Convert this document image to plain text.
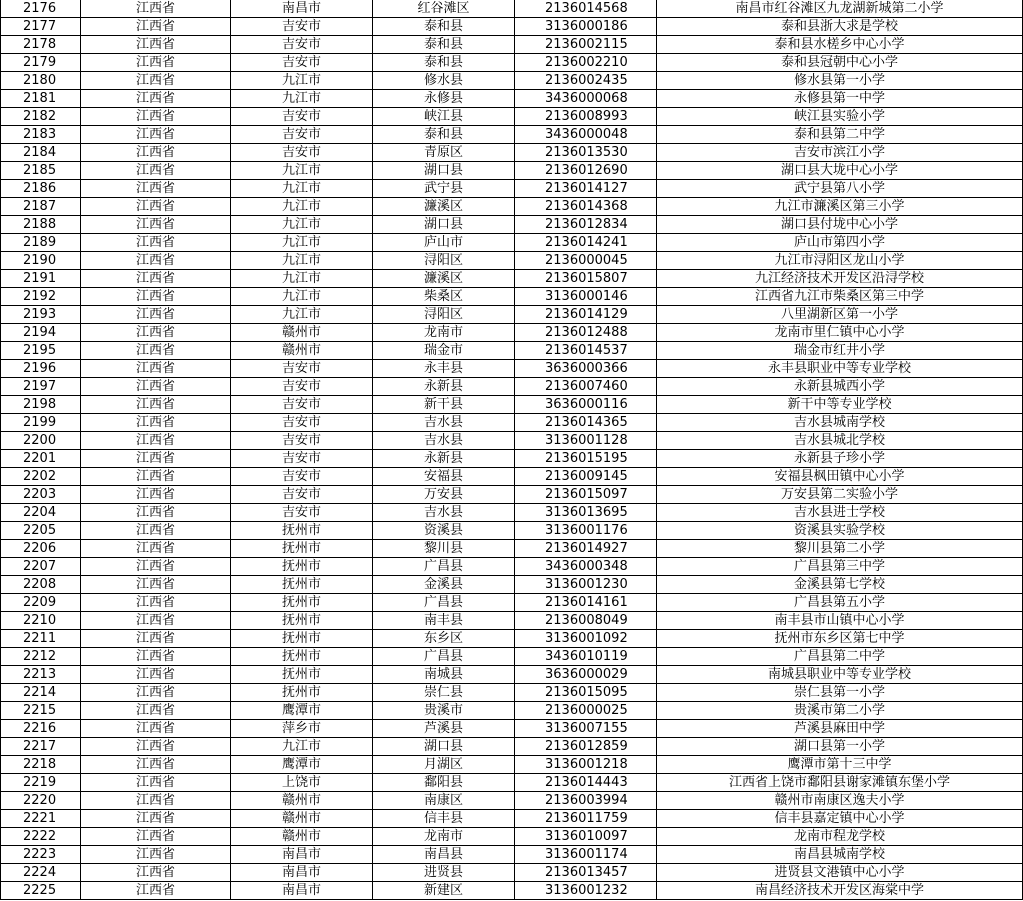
2176	江西省	南昌市	红谷滩区	2136014568	南昌市红谷滩区九龙湖新城第二小学
2177	江西省	吉安市	泰和县	3136000186	泰和县浙大求是学校
2178	江西省	吉安市	泰和县	2136002115	泰和县水槎乡中心小学
2179	江西省	吉安市	泰和县	2136002210	泰和县冠朝中心小学
2180	江西省	九江市	修水县	2136002435	修水县第一小学
2181	江西省	九江市	永修县	3436000068	永修县第一中学
2182	江西省	吉安市	峡江县	2136008993	峡江县实验小学
2183	江西省	吉安市	泰和县	3436000048	泰和县第二中学
2184	江西省	吉安市	青原区	2136013530	吉安市滨江小学
2185	江西省	九江市	湖口县	2136012690	湖口县大垅中心小学
2186	江西省	九江市	武宁县	2136014127	武宁县第八小学
2187	江西省	九江市	濂溪区	2136014368	九江市濂溪区第三小学
2188	江西省	九江市	湖口县	2136012834	湖口县付垅中心小学
2189	江西省	九江市	庐山市	2136014241	庐山市第四小学
2190	江西省	九江市	浔阳区	2136000045	九江市浔阳区龙山小学
2191	江西省	九江市	濂溪区	2136015807	九江经济技术开发区沿浔学校
2192	江西省	九江市	柴桑区	3136000146	江西省九江市柴桑区第三中学
2193	江西省	九江市	浔阳区	2136014129	八里湖新区第一小学
2194	江西省	赣州市	龙南市	2136012488	龙南市里仁镇中心小学
2195	江西省	赣州市	瑞金市	2136014537	瑞金市红井小学
2196	江西省	吉安市	永丰县	3636000366	永丰县职业中等专业学校
2197	江西省	吉安市	永新县	2136007460	永新县城西小学
2198	江西省	吉安市	新干县	3636000116	新干中等专业学校
2199	江西省	吉安市	吉水县	2136014365	吉水县城南学校
2200	江西省	吉安市	吉水县	3136001128	吉水县城北学校
2201	江西省	吉安市	永新县	2136015195	永新县子珍小学
2202	江西省	吉安市	安福县	2136009145	安福县枫田镇中心小学
2203	江西省	吉安市	万安县	2136015097	万安县第二实验小学
2204	江西省	吉安市	吉水县	3136013695	吉水县进士学校
2205	江西省	抚州市	资溪县	3136001176	资溪县实验学校
2206	江西省	抚州市	黎川县	2136014927	黎川县第二小学
2207	江西省	抚州市	广昌县	3436000348	广昌县第三中学
2208	江西省	抚州市	金溪县	3136001230	金溪县第七学校
2209	江西省	抚州市	广昌县	2136014161	广昌县第五小学
2210	江西省	抚州市	南丰县	2136008049	南丰县市山镇中心小学
2211	江西省	抚州市	东乡区	3136001092	抚州市东乡区第七中学
2212	江西省	抚州市	广昌县	3436010119	广昌县第二中学
2213	江西省	抚州市	南城县	3636000029	南城县职业中等专业学校
2214	江西省	抚州市	崇仁县	2136015095	崇仁县第一小学
2215	江西省	鹰潭市	贵溪市	2136000025	贵溪市第二小学
2216	江西省	萍乡市	芦溪县	3136007155	芦溪县麻田中学
2217	江西省	九江市	湖口县	2136012859	湖口县第一小学
2218	江西省	鹰潭市	月湖区	3136001218	鹰潭市第十三中学
2219	江西省	上饶市	鄱阳县	2136014443	江西省上饶市鄱阳县谢家滩镇东堡小学
2220	江西省	赣州市	南康区	2136003994	赣州市南康区逸夫小学
2221	江西省	赣州市	信丰县	2136011759	信丰县嘉定镇中心小学
2222	江西省	赣州市	龙南市	3136010097	龙南市程龙学校
2223	江西省	南昌市	南昌县	3136001174	南昌县城南学校
2224	江西省	南昌市	进贤县	2136013457	进贤县文港镇中心小学
2225	江西省	南昌市	新建区	3136001232	南昌经济技术开发区海棠中学
